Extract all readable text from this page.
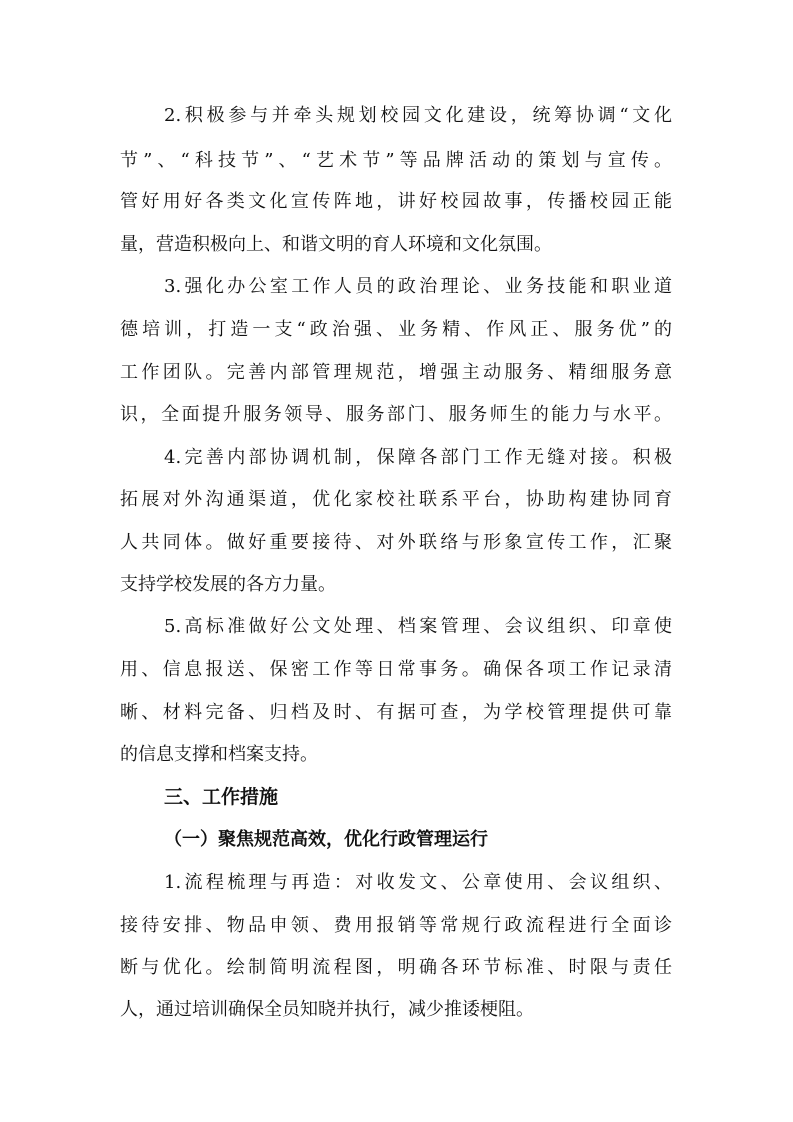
2.积极参与并牵头规划校园文化建设，统筹协调“文化

节”、“科技节”、“艺术节”等品牌活动的策划与宣传。

管好用好各类文化宣传阵地，讲好校园故事，传播校园正能

量，营造积极向上、和谐文明的育人环境和文化氛围。

3.强化办公室工作人员的政治理论、业务技能和职业道

德培训，打造一支“政治强、业务精、作风正、服务优”的

工作团队。完善内部管理规范，增强主动服务、精细服务意

识，全面提升服务领导、服务部门、服务师生的能力与水平。

4.完善内部协调机制，保障各部门工作无缝对接。积极

拓展对外沟通渠道，优化家校社联系平台，协助构建协同育

人共同体。做好重要接待、对外联络与形象宣传工作，汇聚

支持学校发展的各方力量。

5.高标准做好公文处理、档案管理、会议组织、印章使

用、信息报送、保密工作等日常事务。确保各项工作记录清

晰、材料完备、归档及时、有据可查，为学校管理提供可靠

的信息支撑和档案支持。

三、工作措施
（一）聚焦规范高效，优化行政管理运行

1.流程梳理与再造：对收发文、公章使用、会议组织、

接待安排、物品申领、费用报销等常规行政流程进行全面诊

断与优化。绘制简明流程图，明确各环节标准、时限与责任

人，通过培训确保全员知晓并执行，减少推诿梗阻。
